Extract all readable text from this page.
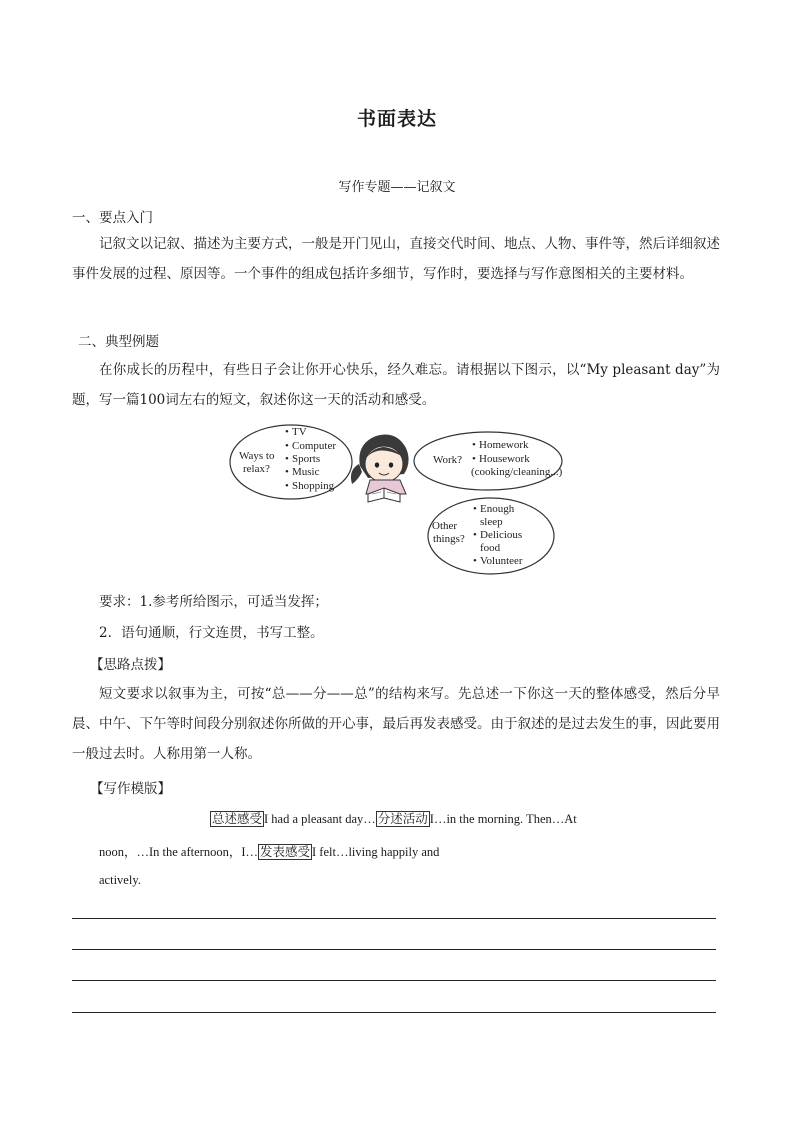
书面表达
写作专题——记叙文
一、要点入门

记叙文以记叙、描述为主要方式，一般是开门见山，直接交代时间、地点、人物、事件等，然后详细叙述事件发展的过程、原因等。一个事件的组成包括许多细节，写作时，要选择与写作意图相关的主要材料。

二、典型例题

在你成长的历程中，有些日子会让你开心快乐，经久难忘。请根据以下图示，以“My pleasant day”为题，写一篇100词左右的短文，叙述你这一天的活动和感受。

Ways to
relax?
• TV
• Computer
• Sports
• Music
• Shopping
Work?
• Homework
• Housework
(cooking/cleaning...)
Other
things?
• Enough
sleep
• Delicious
food
• Volunteer
要求：1.参考所给图示，可适当发挥；
2．语句通顺，行文连贯，书写工整。
【思路点拨】

短文要求以叙事为主，可按“总——分——总”的结构来写。先总述一下你这一天的整体感受，然后分早晨、中午、下午等时间段分别叙述你所做的开心事，最后再发表感受。由于叙述的是过去发生的事，因此要用一般过去时。人称用第一人称。

【写作模版】
总述感受 I had a pleasant day… 分述活动 I…in the morning. Then…At
noon，…In the afternoon，I… 发表感受 I felt…living happily and
actively.
